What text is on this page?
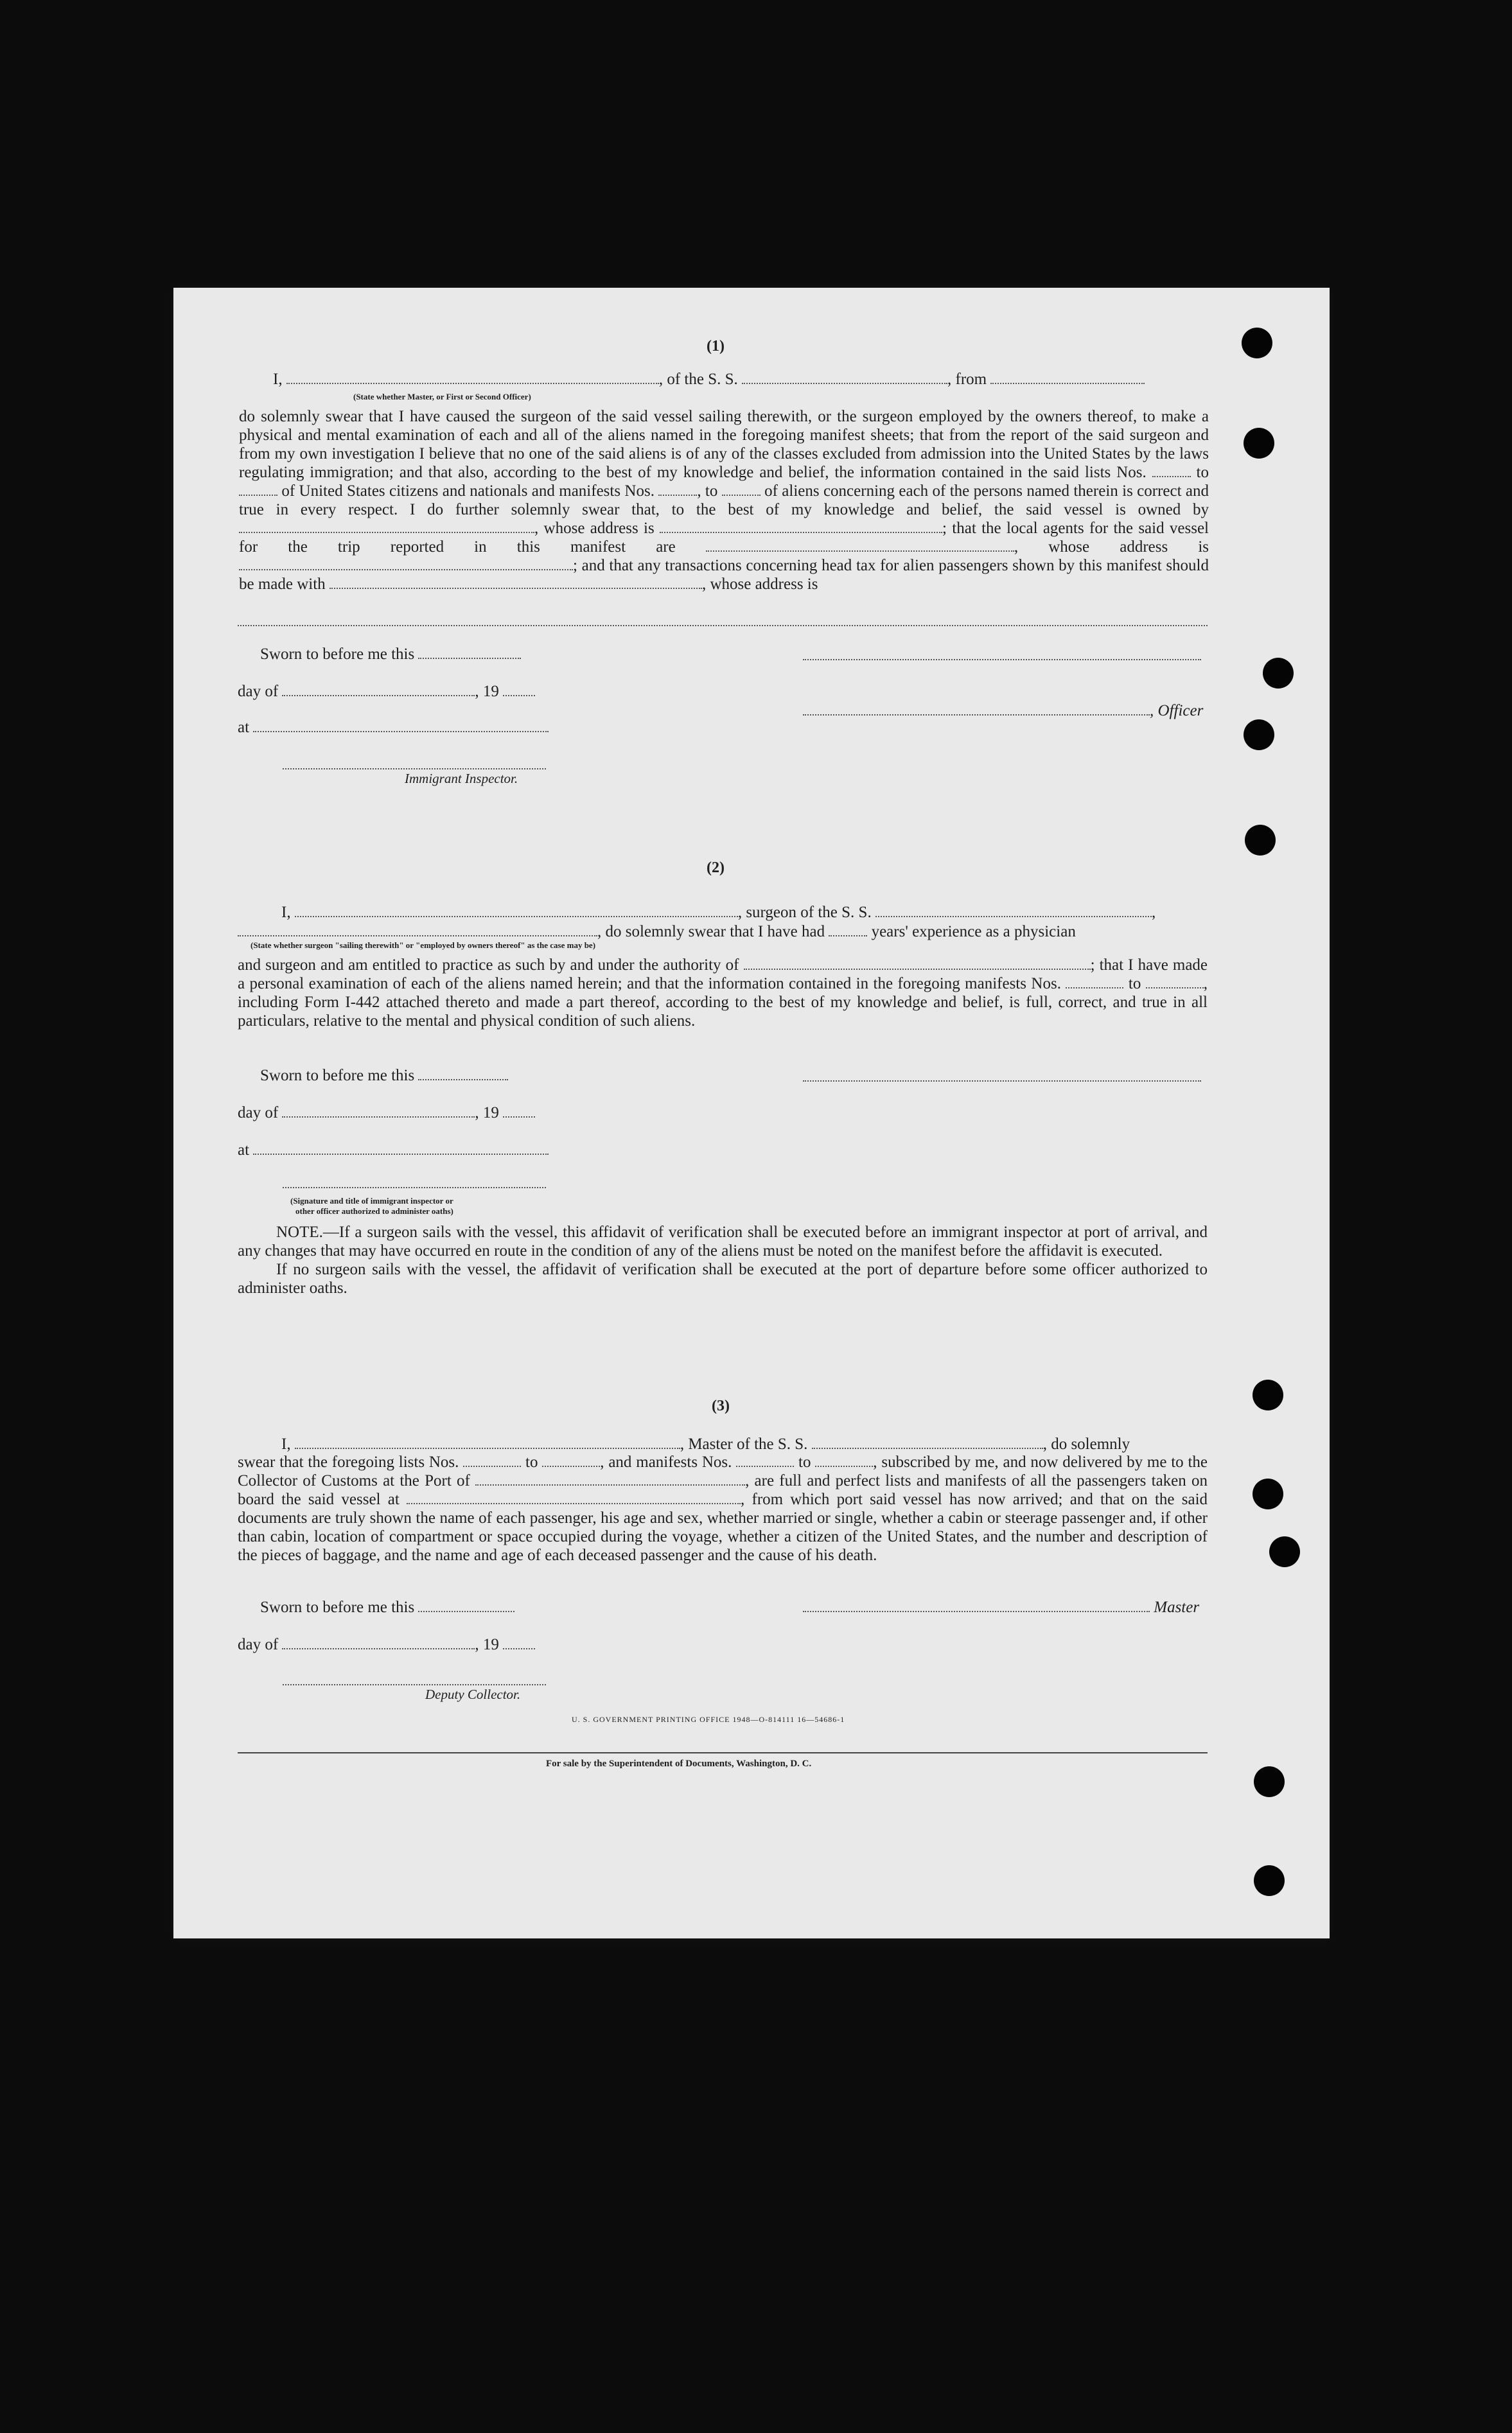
(1)
I,	, of the S. S.	, from
(State whether Master, or First or Second Officer)
do solemnly swear that I have caused the surgeon of the said vessel sailing therewith, or the surgeon employed by the owners thereof, to make a physical and mental examination of each and all of the aliens named in the foregoing manifest sheets; that from the report of the said surgeon and from my own investigation I believe that no one of the said aliens is of any of the classes excluded from admission into the United States by the laws regulating immigration; and that also, according to the best of my knowledge and belief, the information contained in the said lists Nos.	to  of United States citizens and nationals and manifests Nos.	, to	of aliens concerning each of the persons named therein is correct and true in every respect. I do further solemnly swear that, to the best of my knowledge and belief, the said vessel is owned by , whose address is	; that the local agents for the said vessel for the trip reported in this manifest are	, whose address is ; and that any transactions concerning head tax for alien passengers shown by this manifest should be made with	, whose address is
Sworn to before me this
day of	, 19
, Officer
at
Immigrant Inspector.
(2)
I,	, surgeon of the S. S.	,
, do solemnly swear that I have had	years' experience as a physician
(State whether surgeon "sailing therewith" or "employed by owners thereof" as the case may be)
and surgeon and am entitled to practice as such by and under the authority of	; that I have made a personal examination of each of the aliens named herein; and that the information contained in the foregoing manifests Nos.	to	, including Form I-442 attached thereto and made a part thereof, according to the best of my knowledge and belief, is full, correct, and true in all particulars, relative to the mental and physical condition of such aliens.
Sworn to before me this
day of	, 19
at
(Signature and title of immigrant inspector or
other officer authorized to administer oaths)
NOTE.—If a surgeon sails with the vessel, this affidavit of verification shall be executed before an immigrant inspector at port of arrival, and any changes that may have occurred en route in the condition of any of the aliens must be noted on the manifest before the affidavit is executed.
If no surgeon sails with the vessel, the affidavit of verification shall be executed at the port of departure before some officer authorized to administer oaths.
(3)
I,	, Master of the S. S.	, do solemnly
swear that the foregoing lists Nos.	to	, and manifests Nos.	to	, subscribed by me, and now delivered by me to the Collector of Customs at the Port of	, are full and perfect lists and manifests of all the passengers taken on board the said vessel at	, from which port said vessel has now arrived; and that on the said documents are truly shown the name of each passenger, his age and sex, whether married or single, whether a cabin or steerage passenger and, if other than cabin, location of compartment or space occupied during the voyage, whether a citizen of the United States, and the number and description of the pieces of baggage, and the name and age of each deceased passenger and the cause of his death.
Sworn to before me this	Master
day of	, 19
Deputy Collector.
U. S. GOVERNMENT PRINTING OFFICE 1948—O-814111 16—54686-1
For sale by the Superintendent of Documents, Washington, D. C.
